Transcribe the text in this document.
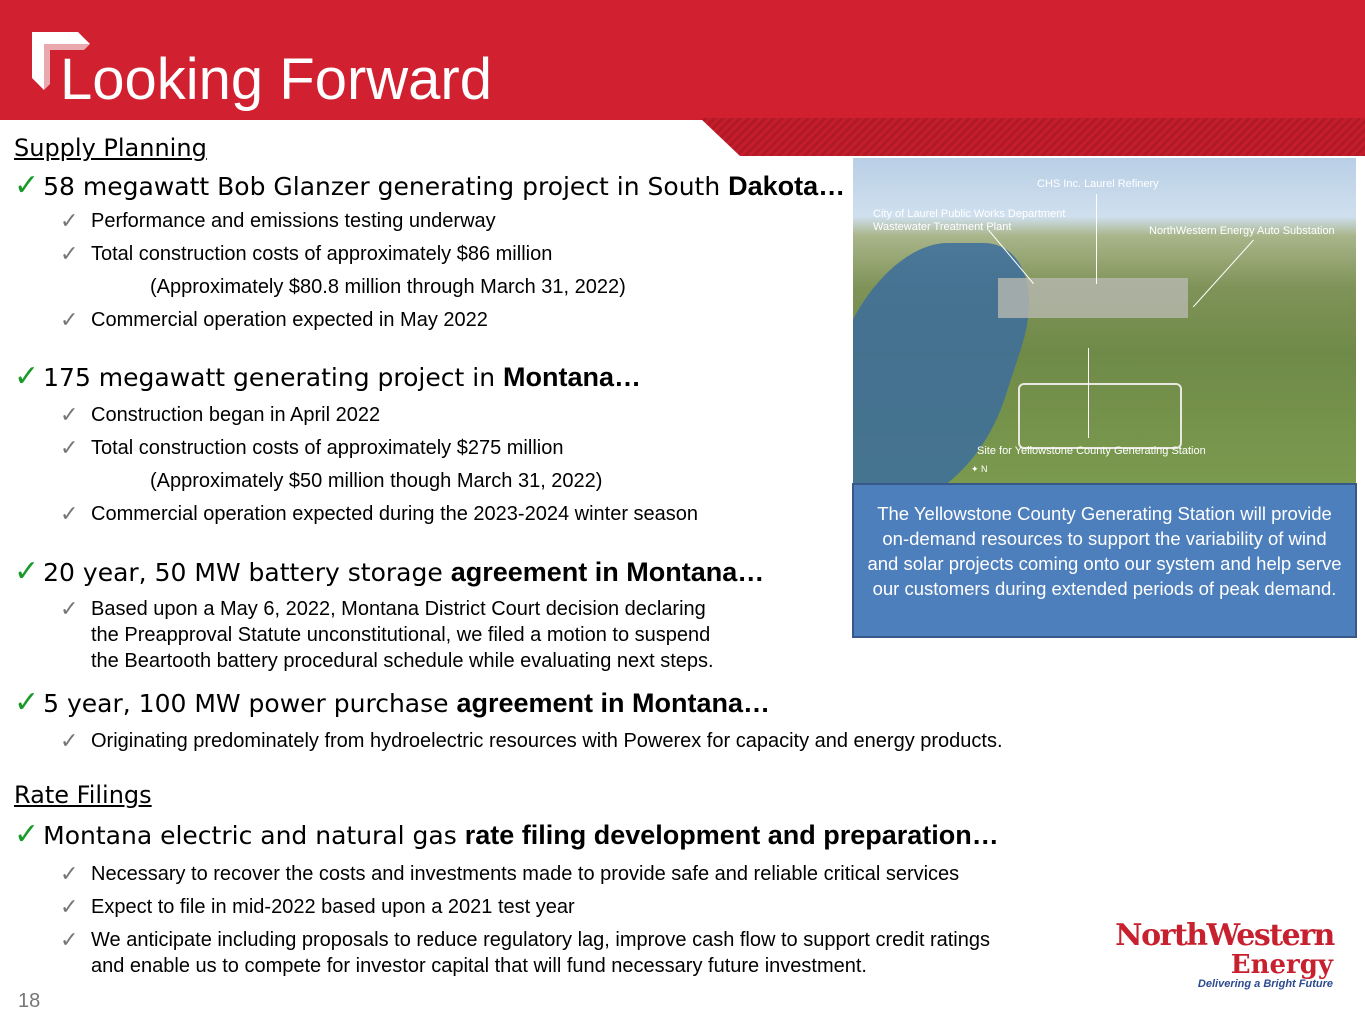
Looking Forward
Supply Planning
✓ 58 megawatt Bob Glanzer generating project in South Dakota…
✓ Performance and emissions testing underway
✓ Total construction costs of approximately $86 million
(Approximately $80.8 million through March 31, 2022)
✓ Commercial operation expected in May 2022
✓ 175 megawatt generating project in Montana…
✓ Construction began in April 2022
✓ Total construction costs of approximately $275 million
(Approximately $50 million though March 31, 2022)
✓ Commercial operation expected during the 2023-2024 winter season
✓ 20 year, 50 MW battery storage agreement in Montana…
✓ Based upon a May 6, 2022, Montana District Court decision declaring
the Preapproval Statute unconstitutional, we filed a motion to suspend
the Beartooth battery procedural schedule while evaluating next steps.
✓ 5 year, 100 MW power purchase agreement in Montana…
✓ Originating predominately from hydroelectric resources with Powerex for capacity and energy products.
Rate Filings
✓ Montana electric and natural gas rate filing development and preparation…
✓ Necessary to recover the costs and investments made to provide safe and reliable critical services
✓ Expect to file in mid-2022 based upon a 2021 test year
✓ We anticipate including proposals to reduce regulatory lag, improve cash flow to support credit ratings
and enable us to compete for investor capital that will fund necessary future investment.
CHS Inc. Laurel Refinery
City of Laurel Public Works Department
Wastewater Treatment Plant	NorthWestern Energy Auto Substation
Site for Yellowstone County Generating Station
✦ N
The Yellowstone County Generating Station will provide on-demand resources to support the variability of wind and solar projects coming onto our system and help serve our customers during extended periods of peak demand.
NorthWestern
Energy
Delivering a Bright Future
18
